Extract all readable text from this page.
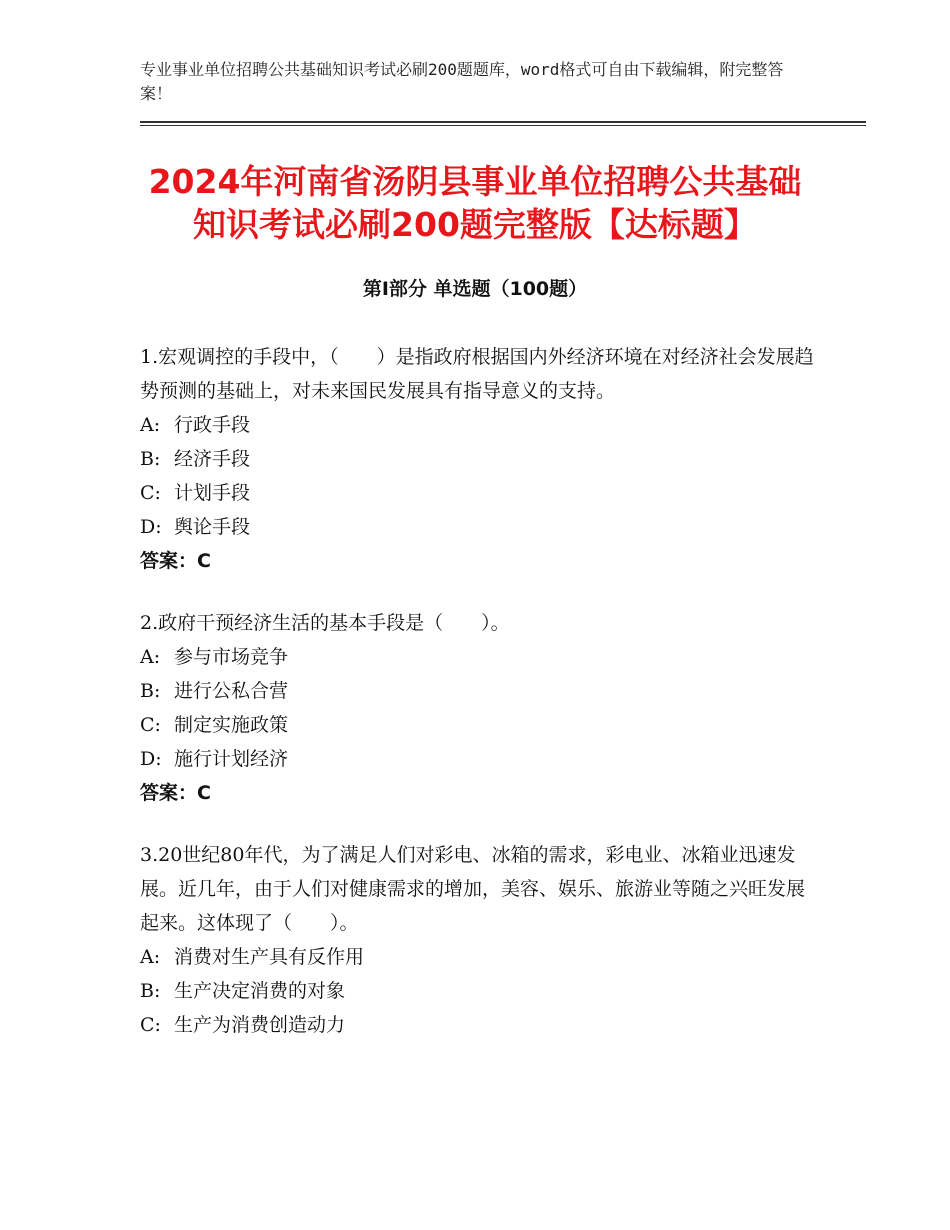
专业事业单位招聘公共基础知识考试必刷200题题库，word格式可自由下载编辑，附完整答案！
2024年河南省汤阴县事业单位招聘公共基础
知识考试必刷200题完整版【达标题】
第Ⅰ部分 单选题（100题）
1.宏观调控的手段中，（　　）是指政府根据国内外经济环境在对经济社会发展趋势预测的基础上，对未来国民发展具有指导意义的支持。
A: 行政手段
B: 经济手段
C: 计划手段
D: 舆论手段
答案：C
2.政府干预经济生活的基本手段是（　　）。
A: 参与市场竞争
B: 进行公私合营
C: 制定实施政策
D: 施行计划经济
答案：C
3.20世纪80年代，为了满足人们对彩电、冰箱的需求，彩电业、冰箱业迅速发展。近几年，由于人们对健康需求的增加，美容、娱乐、旅游业等随之兴旺发展起来。这体现了（　　）。
A: 消费对生产具有反作用
B: 生产决定消费的对象
C: 生产为消费创造动力
